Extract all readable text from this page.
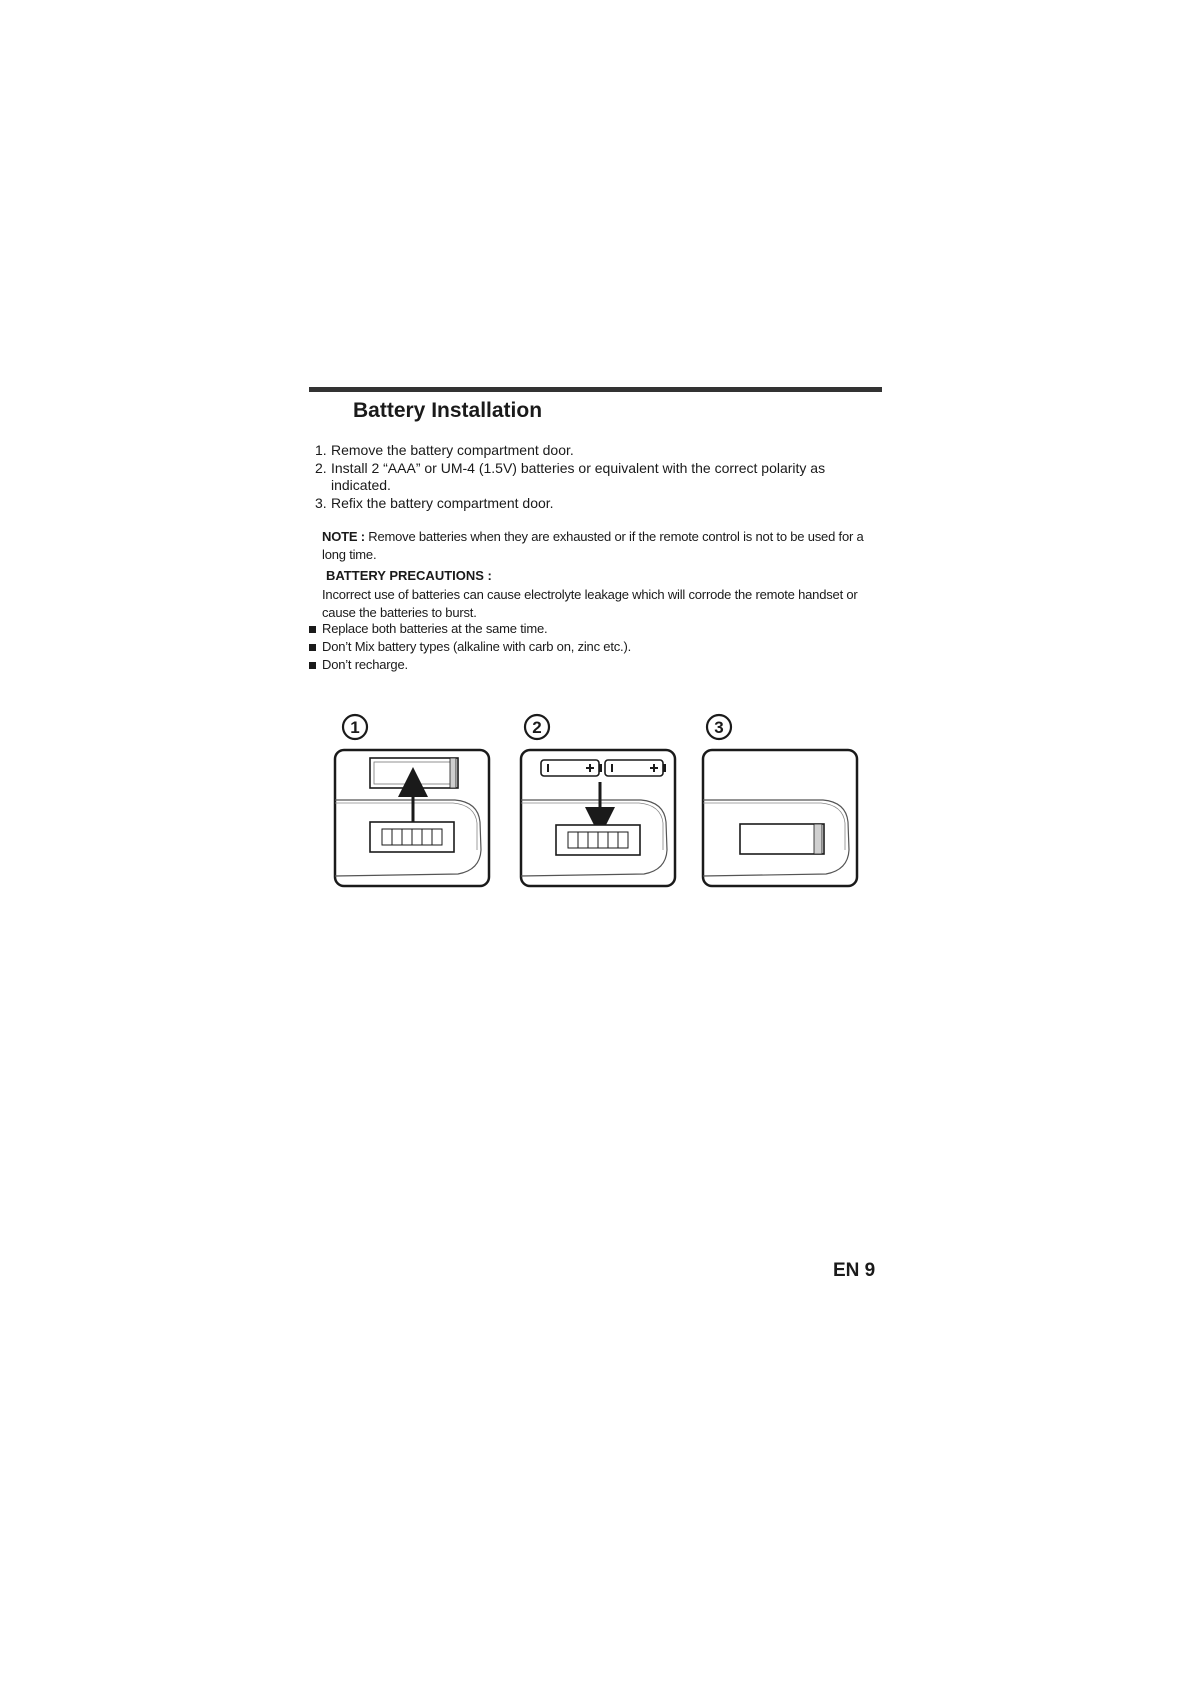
Battery Installation
1. Remove the battery compartment door.
2. Install 2 “AAA” or UM-4 (1.5V) batteries or equivalent with the correct polarity as indicated.
3. Refix the battery compartment door.
NOTE : Remove batteries when they are exhausted or if the remote control is not to be used for a long time.
BATTERY PRECAUTIONS :
Incorrect use of batteries can cause electrolyte leakage which will corrode the remote handset or cause the batteries to burst.
Replace both batteries at the same time.
Don’t Mix battery types (alkaline with carb on, zinc etc.).
Don’t recharge.
1	2	3
EN 9
